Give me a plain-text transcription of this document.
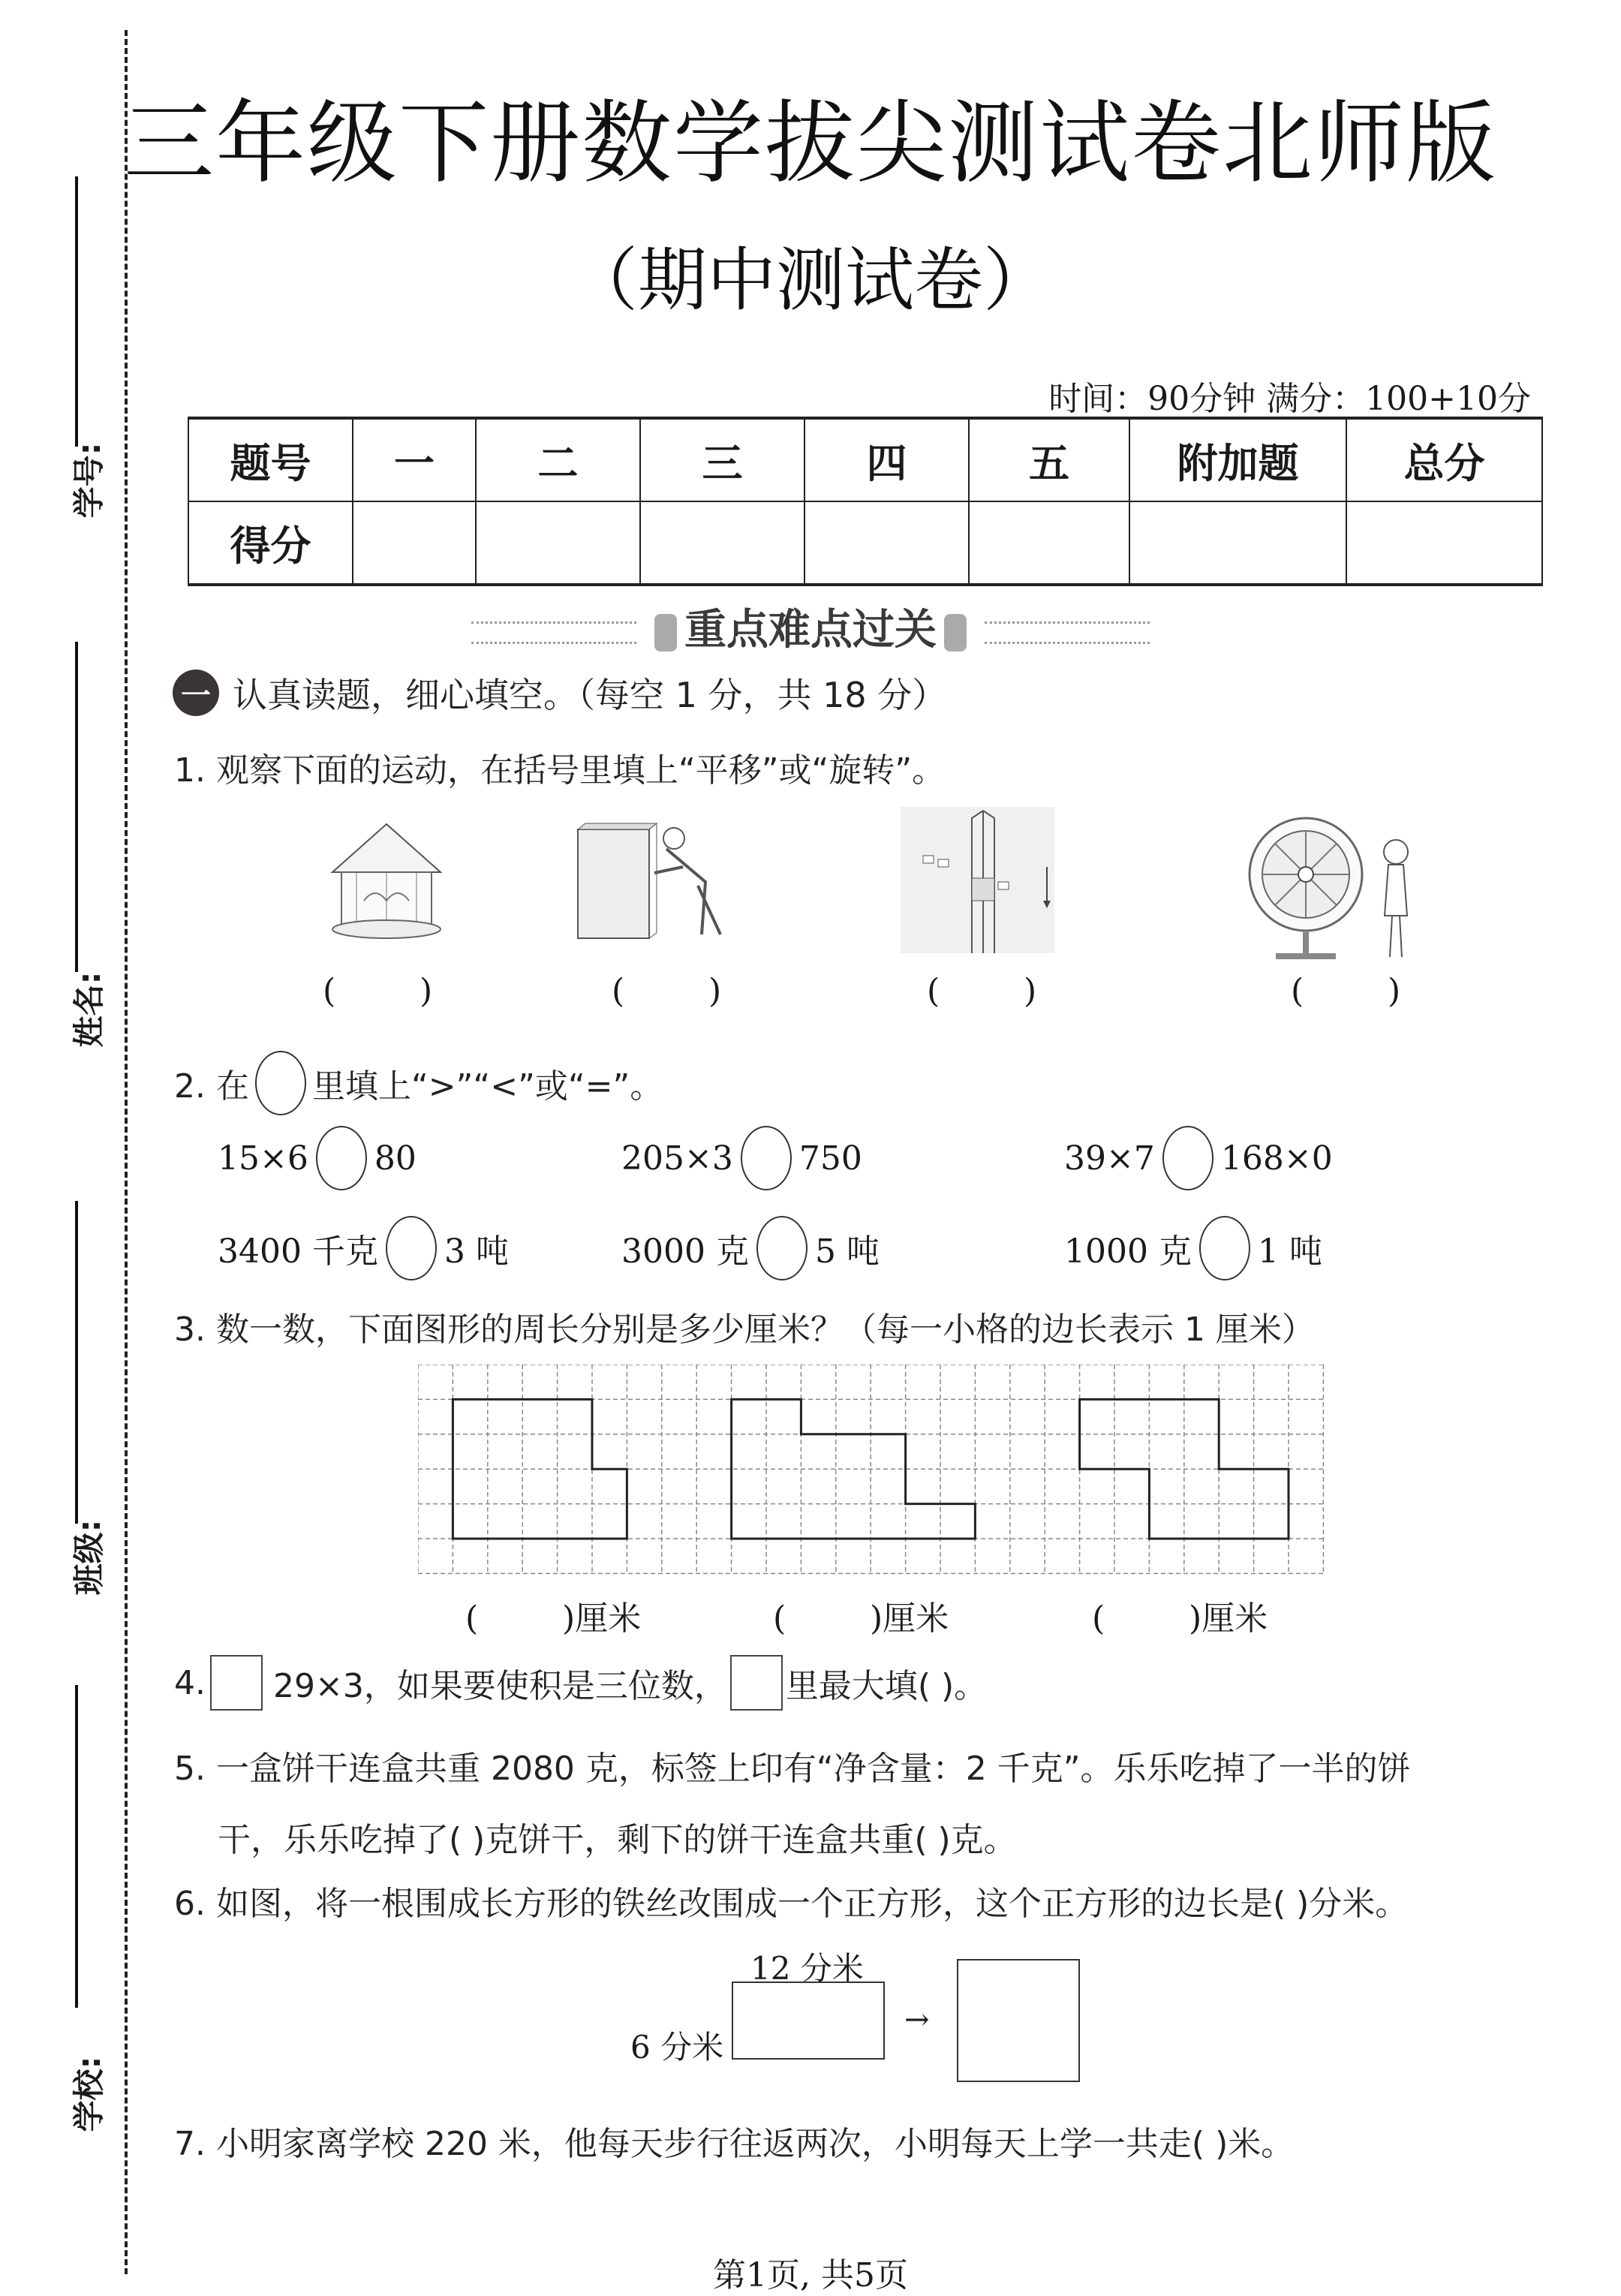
学号:
姓名:
班级:
学校:
三年级下册数学拔尖测试卷北师版
（期中测试卷）
时间：90分钟 满分：100+10分
题号	一	二	三	四	五	附加题	总分
得分							
重点难点过关
一 认真读题，细心填空。（每空 1 分，共 18 分）
1. 观察下面的运动，在括号里填上“平移”或“旋转”。
(        )	(        )	(        )	(        )
2. 在 里填上“>”“<”或“=”。
15×6 80	205×3 750	39×7 168×0
3400 千克 3 吨	3000 克 5 吨	1000 克 1 吨
3. 数一数，下面图形的周长分别是多少厘米？（每一小格的边长表示 1 厘米）
(        )厘米	(        )厘米	(        )厘米
4. 29×3，如果要使积是三位数， 里最大填( )。
5. 一盒饼干连盒共重 2080 克，标签上印有“净含量：2 千克”。乐乐吃掉了一半的饼
干，乐乐吃掉了( )克饼干，剩下的饼干连盒共重( )克。
6. 如图，将一根围成长方形的铁丝改围成一个正方形，这个正方形的边长是( )分米。
12 分米
6 分米
→
7. 小明家离学校 220 米，他每天步行往返两次，小明每天上学一共走( )米。
第1页, 共5页
